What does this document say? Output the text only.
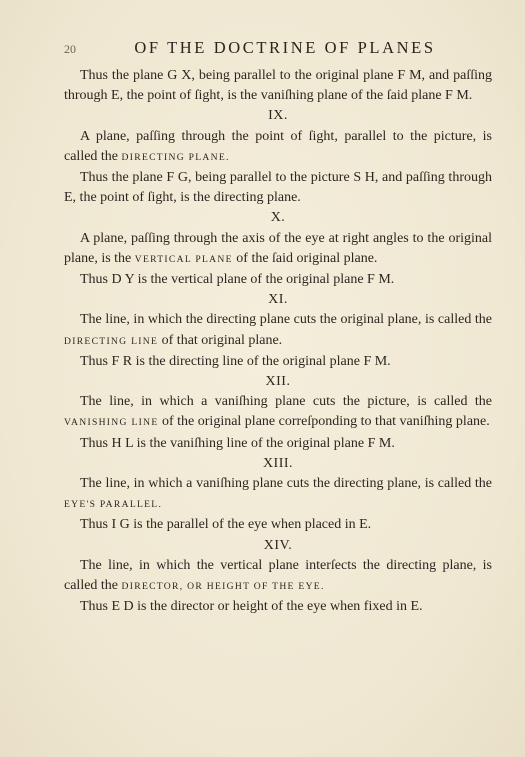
20	OF THE DOCTRINE OF PLANES

Thus the plane G X, being parallel to the original plane F M, and paſſing through E, the point of ſight, is the vaniſhing plane of the ſaid plane F M.

IX.

A plane, paſſing through the point of ſight, parallel to the picture, is called the DIRECTING PLANE.

Thus the plane F G, being parallel to the picture S H, and paſſing through E, the point of ſight, is the directing plane.

X.

A plane, paſſing through the axis of the eye at right angles to the original plane, is the VERTICAL PLANE of the ſaid original plane.

Thus D Y is the vertical plane of the original plane F M.

XI.

The line, in which the directing plane cuts the original plane, is called the DIRECTING LINE of that original plane.

Thus F R is the directing line of the original plane F M.

XII.

The line, in which a vaniſhing plane cuts the picture, is called the VANISHING LINE of the original plane correſponding to that vaniſhing plane.

Thus H L is the vaniſhing line of the original plane F M.

XIII.

The line, in which a vaniſhing plane cuts the directing plane, is called the EYE'S PARALLEL.

Thus I G is the parallel of the eye when placed in E.

XIV.

The line, in which the vertical plane interſects the directing plane, is called the DIRECTOR, OR HEIGHT OF THE EYE.

Thus E D is the director or height of the eye when fixed in E.
